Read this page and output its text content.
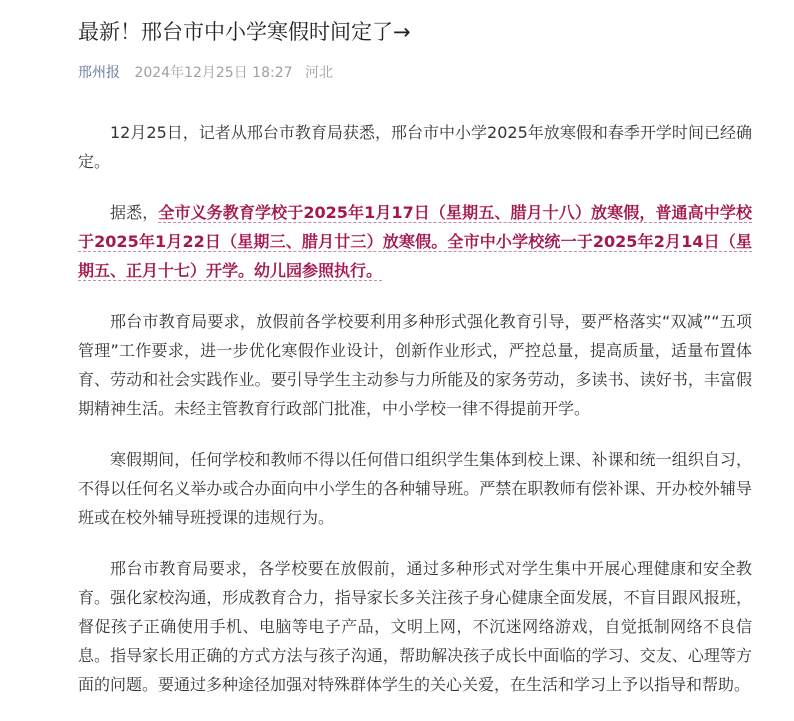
最新！邢台市中小学寒假时间定了→
邢州报 2024年12月25日 18:27 河北

12月25日，记者从邢台市教育局获悉，邢台市中小学2025年放寒假和春季开学时间已经确定。

据悉，全市义务教育学校于2025年1月17日（星期五、腊月十八）放寒假，普通高中学校于2025年1月22日（星期三、腊月廿三）放寒假。全市中小学校统一于2025年2月14日（星期五、正月十七）开学。幼儿园参照执行。

邢台市教育局要求，放假前各学校要利用多种形式强化教育引导，要严格落实“双减”“五项管理”工作要求，进一步优化寒假作业设计，创新作业形式，严控总量，提高质量，适量布置体育、劳动和社会实践作业。要引导学生主动参与力所能及的家务劳动，多读书、读好书，丰富假期精神生活。未经主管教育行政部门批准，中小学校一律不得提前开学。

寒假期间，任何学校和教师不得以任何借口组织学生集体到校上课、补课和统一组织自习，不得以任何名义举办或合办面向中小学生的各种辅导班。严禁在职教师有偿补课、开办校外辅导班或在校外辅导班授课的违规行为。

邢台市教育局要求，各学校要在放假前，通过多种形式对学生集中开展心理健康和安全教育。强化家校沟通，形成教育合力，指导家长多关注孩子身心健康全面发展，不盲目跟风报班，督促孩子正确使用手机、电脑等电子产品，文明上网，不沉迷网络游戏，自觉抵制网络不良信息。指导家长用正确的方式方法与孩子沟通，帮助解决孩子成长中面临的学习、交友、心理等方面的问题。要通过多种途径加强对特殊群体学生的关心关爱，在生活和学习上予以指导和帮助。
